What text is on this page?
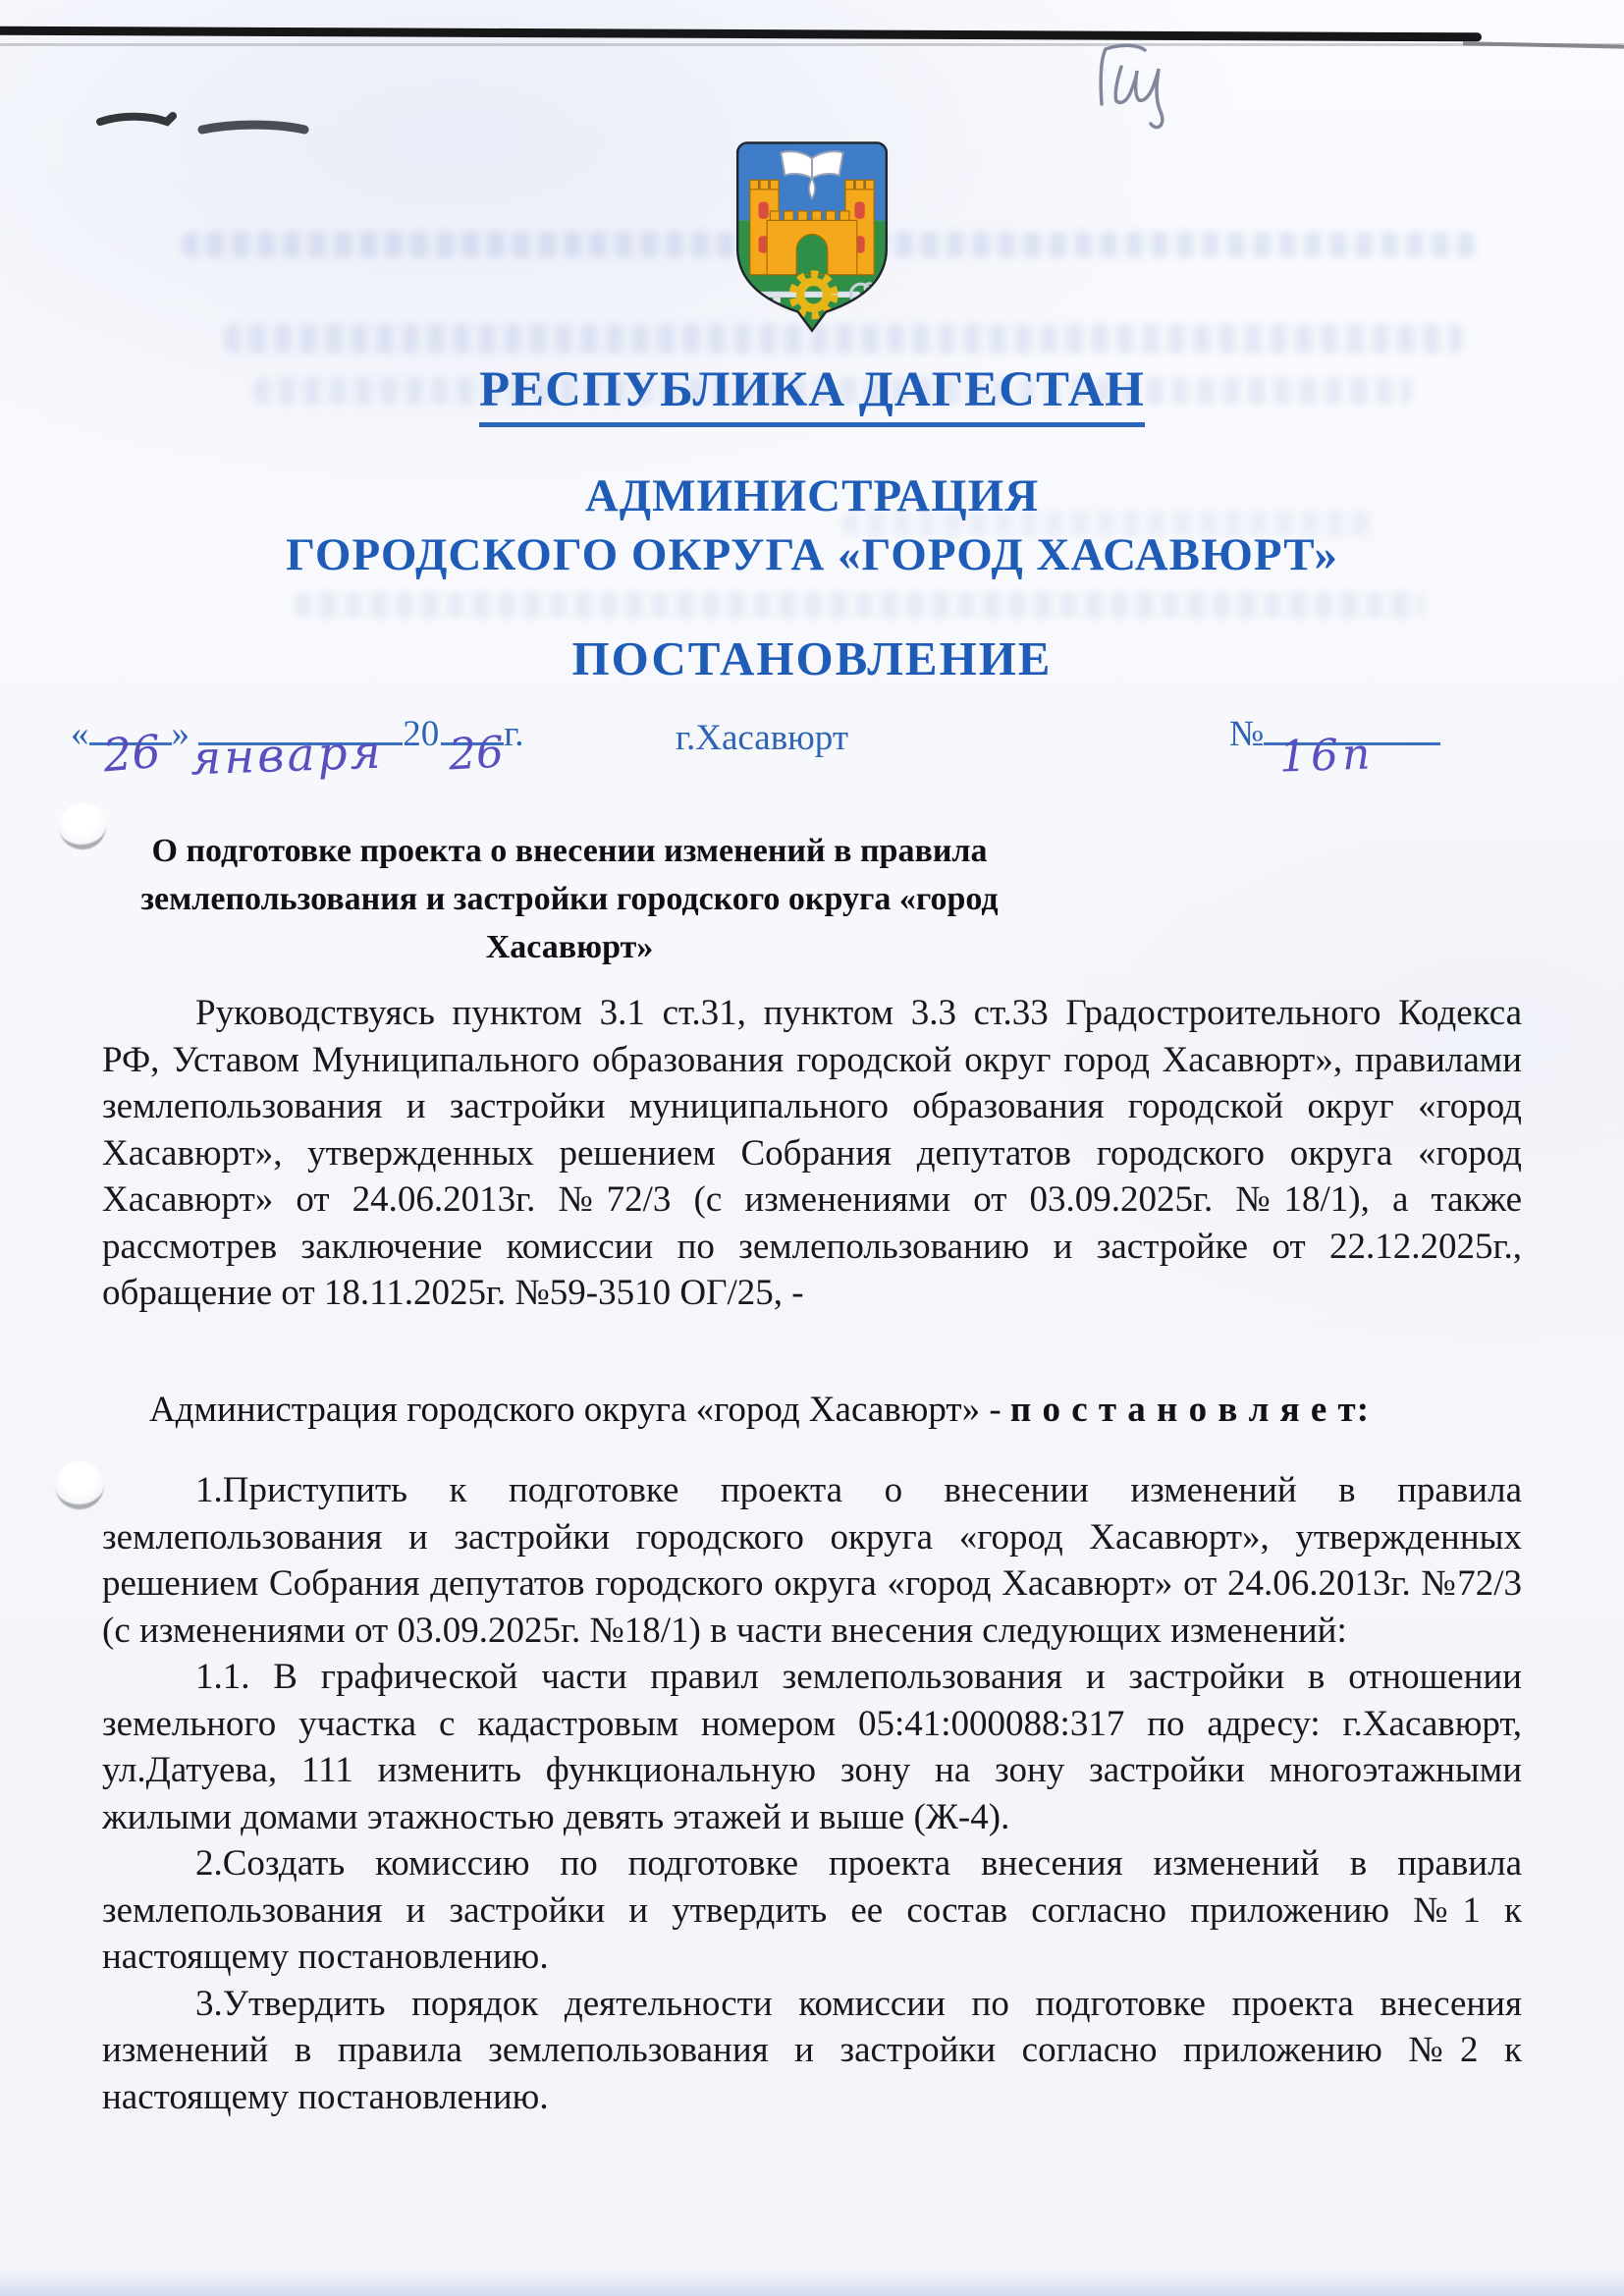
РЕСПУБЛИКА ДАГЕСТАН
АДМИНИСТРАЦИЯ
ГОРОДСКОГО ОКРУГА «ГОРОД ХАСАВЮРТ»
ПОСТАНОВЛЕНИЕ
« 26 » января 20 26
г.	г.Хасавюрт	№ 16п
О подготовке проекта о внесении изменений в правила
землепользования и застройки городского округа «город Хасавюрт»

Руководствуясь пунктом 3.1 ст.31, пунктом 3.3 ст.33 Градостроительного Кодекса РФ, Уставом Муниципального образования городской округ город Хасавюрт», правилами землепользования и застройки муниципального образования городской округ «город Хасавюрт», утвержденных решением Собрания депутатов городского округа «город Хасавюрт» от 24.06.2013г. №72/3 (с изменениями от 03.09.2025г. №18/1), а также рассмотрев заключение комиссии по землепользованию и застройке от 22.12.2025г., обращение от 18.11.2025г. №59-3510 ОГ/25, -

Администрация городского округа «город Хасавюрт» - п о с т а н о в л я е т:

1.Приступить к подготовке проекта о внесении изменений в правила землепользования и застройки городского округа «город Хасавюрт», утвержденных решением Собрания депутатов городского округа «город Хасавюрт» от 24.06.2013г. №72/3 (с изменениями от 03.09.2025г. №18/1) в части внесения следующих изменений:

1.1. В графической части правил землепользования и застройки в отношении земельного участка с кадастровым номером 05:41:000088:317 по адресу: г.Хасавюрт, ул.Датуева, 111 изменить функциональную зону на зону застройки многоэтажными жилыми домами этажностью девять этажей и выше (Ж-4).

2.Создать комиссию по подготовке проекта внесения изменений в правила землепользования и застройки и утвердить ее состав согласно приложению №1 к настоящему постановлению.

3.Утвердить порядок деятельности комиссии по подготовке проекта внесения изменений в правила землепользования и застройки согласно приложению №2 к настоящему постановлению.
